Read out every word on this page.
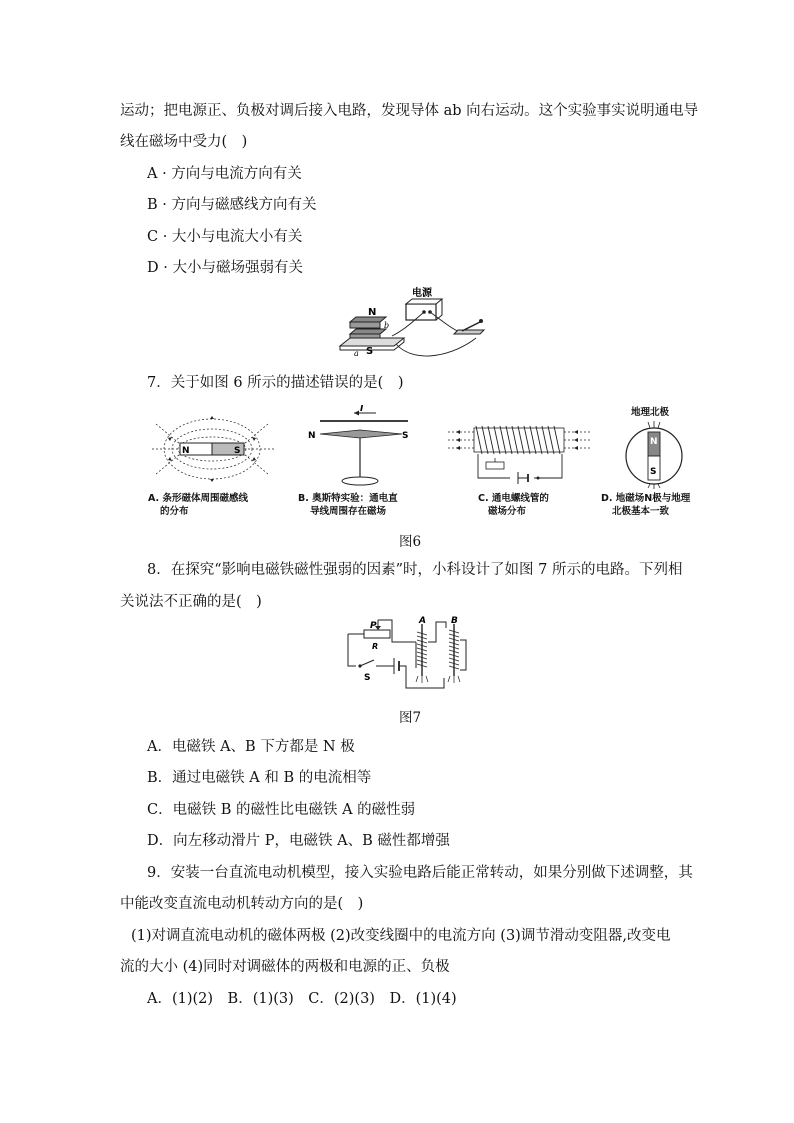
运动；把电源正、负极对调后接入电路，发现导体 ab 向右运动。这个实验事实说明通电导
线在磁场中受力(　)
A · 方向与电流方向有关
B · 方向与磁感线方向有关
C · 大小与电流大小有关
D · 大小与磁场强弱有关
电源
N
S
a
b
7．关于如图 6 所示的描述错误的是(　)
N	S
A. 条形磁体周围磁感线
的分布
I
N	S
B. 奥斯特实验：通电直
导线周围存在磁场
C. 通电螺线管的
磁场分布
地理北极
N
S
D. 地磁场N极与地理
北极基本一致
图6
8．在探究“影响电磁铁磁性强弱的因素”时，小科设计了如图 7 所示的电路。下列相
关说法不正确的是(　)
P
R
S
A	B
图7
A．电磁铁 A、B 下方都是 N 极
B．通过电磁铁 A 和 B 的电流相等
C．电磁铁 B 的磁性比电磁铁 A 的磁性弱
D．向左移动滑片 P，电磁铁 A、B 磁性都增强
9．安装一台直流电动机模型，接入实验电路后能正常转动，如果分别做下述调整，其
中能改变直流电动机转动方向的是(　)
(1)对调直流电动机的磁体两极 (2)改变线圈中的电流方向 (3)调节滑动变阻器,改变电
流的大小 (4)同时对调磁体的两极和电源的正、负极
A．(1)(2)　B．(1)(3)　C．(2)(3)　D．(1)(4)
